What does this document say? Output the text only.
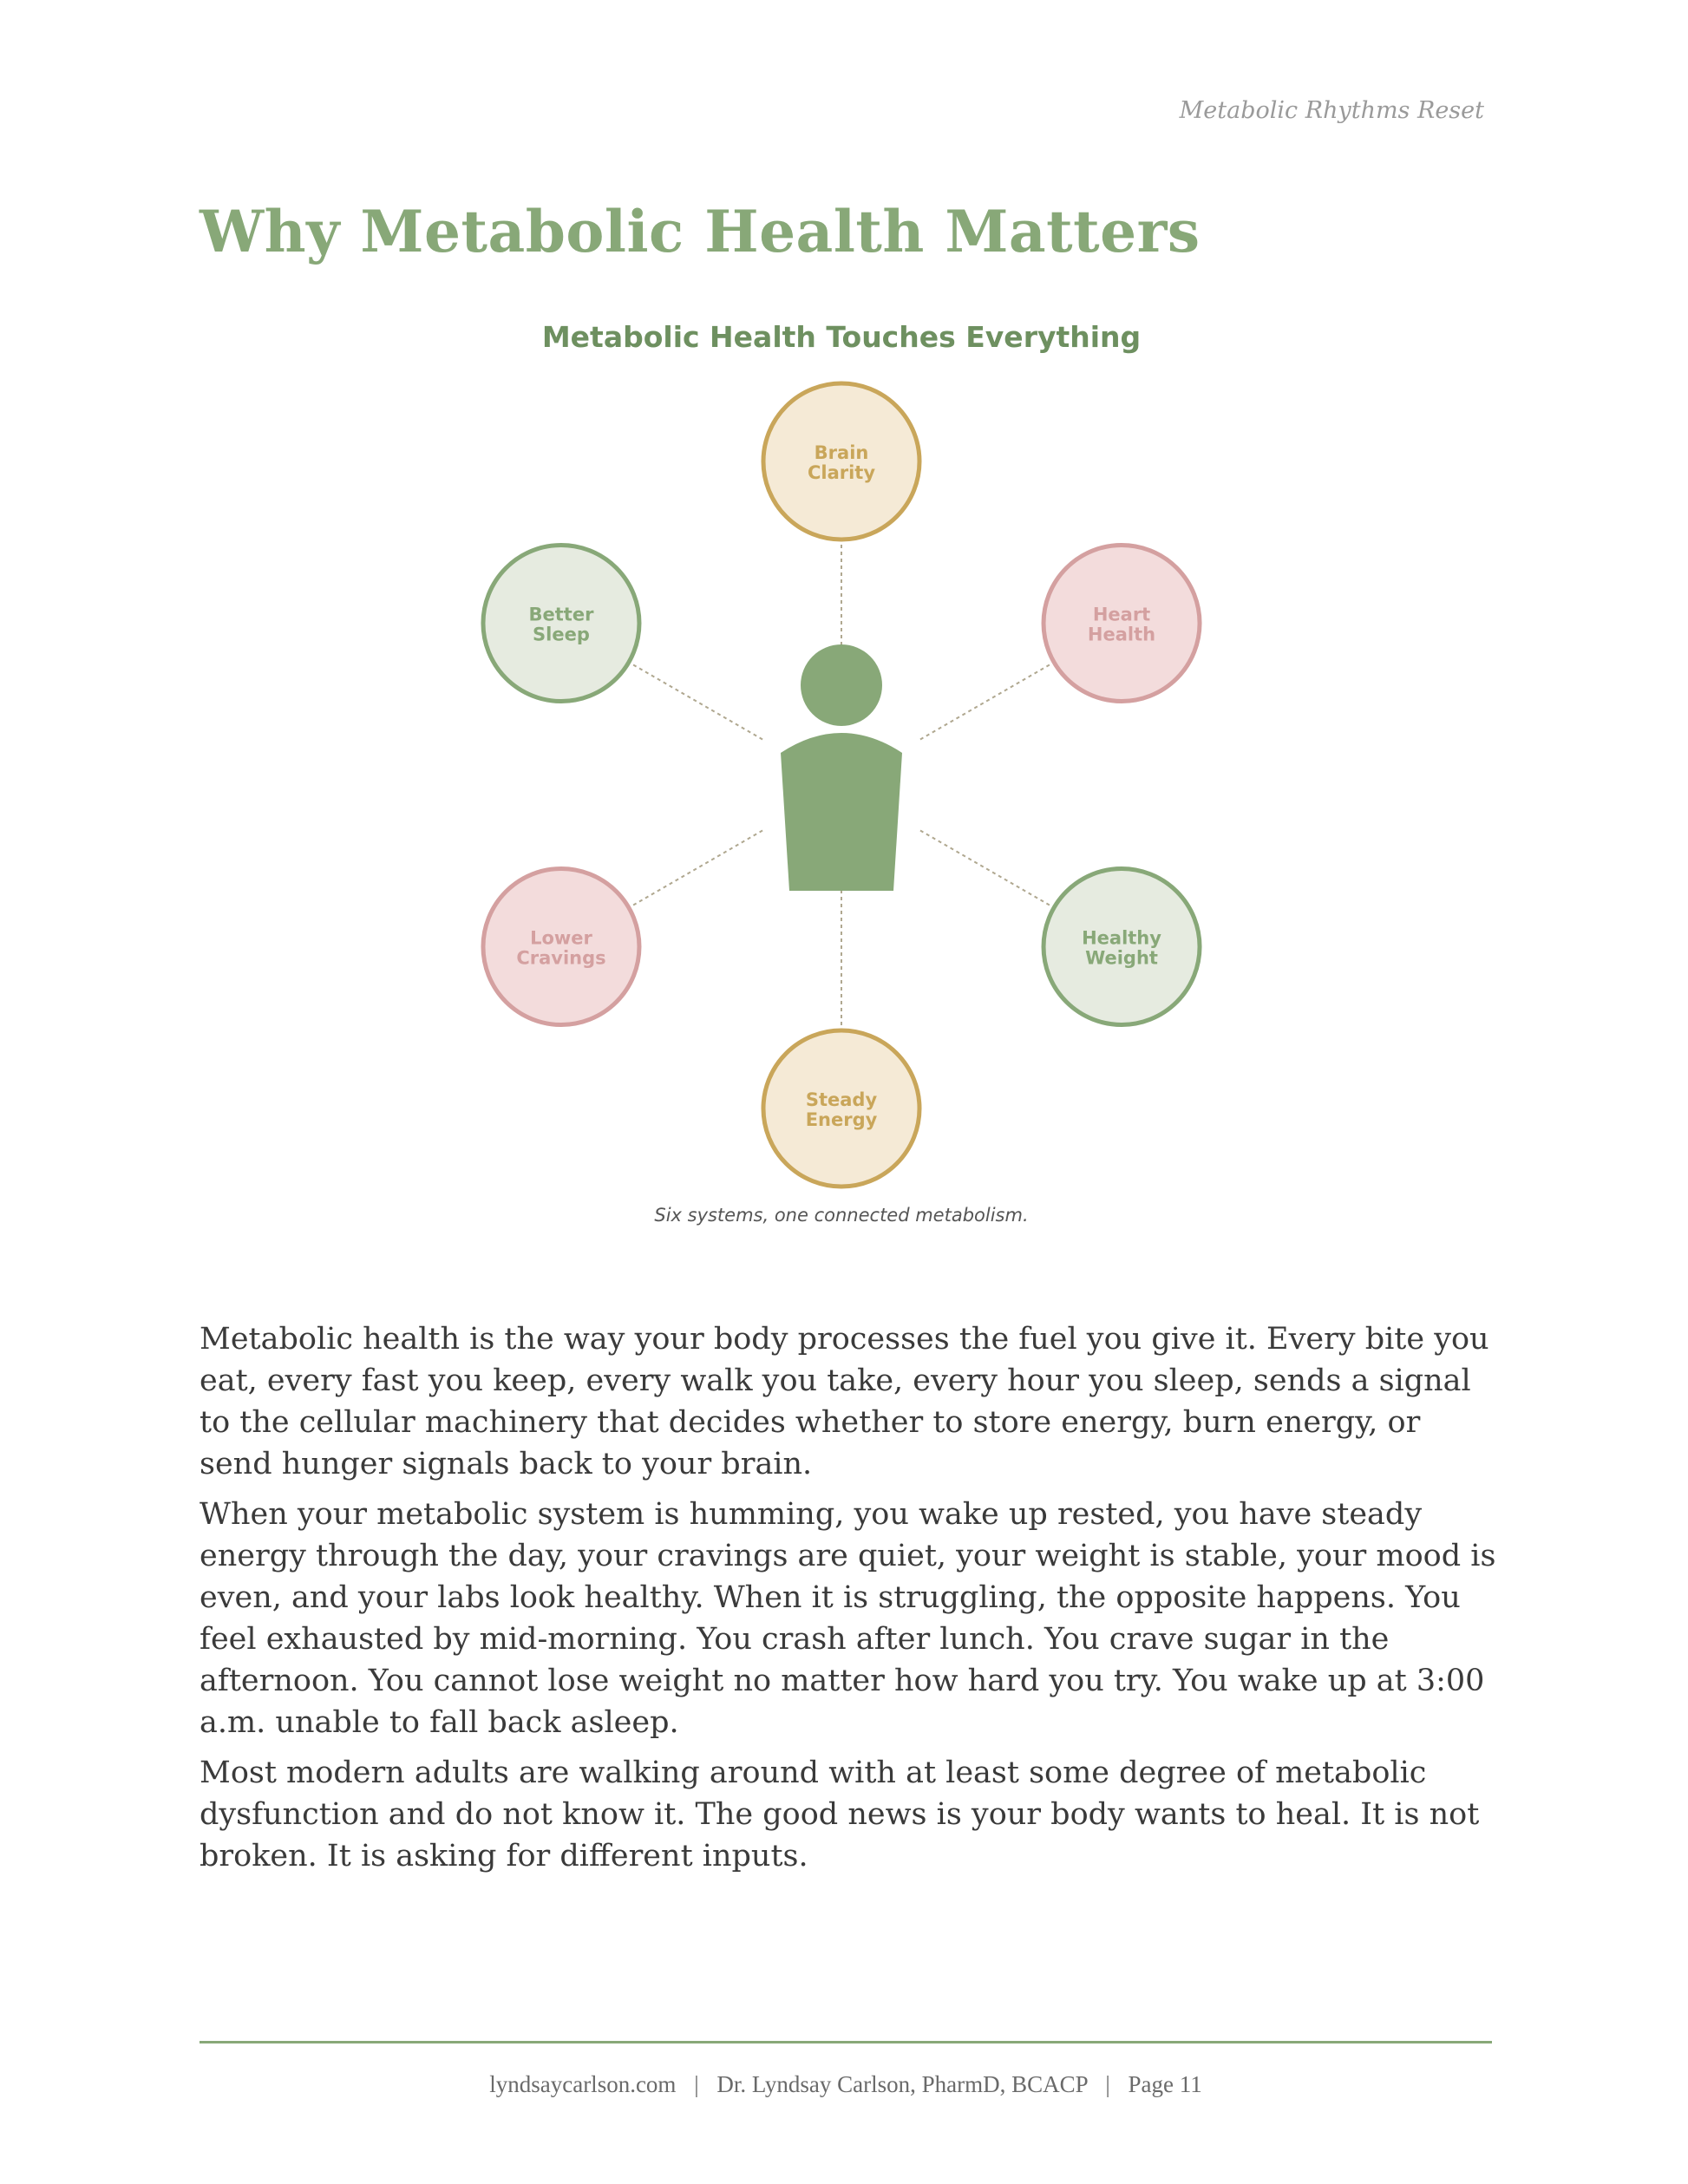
Metabolic Rhythms Reset
Why Metabolic Health Matters
Metabolic Health Touches Everything
Brain
Clarity
Heart
Health
Healthy
Weight
Steady
Energy
Lower
Cravings
Better
Sleep
Six systems, one connected metabolism.

Metabolic health is the way your body processes the fuel you give it. Every bite you eat, every fast you keep, every walk you take, every hour you sleep, sends a signal to the cellular machinery that decides whether to store energy, burn energy, or send hunger signals back to your brain.

When your metabolic system is humming, you wake up rested, you have steady energy through the day, your cravings are quiet, your weight is stable, your mood is even, and your labs look healthy. When it is struggling, the opposite happens. You feel exhausted by mid-morning. You crash after lunch. You crave sugar in the afternoon. You cannot lose weight no matter how hard you try. You wake up at 3:00 a.m. unable to fall back asleep.

Most modern adults are walking around with at least some degree of metabolic dysfunction and do not know it. The good news is your body wants to heal. It is not broken. It is asking for different inputs.

lyndsaycarlson.com | Dr. Lyndsay Carlson, PharmD, BCACP | Page 11
